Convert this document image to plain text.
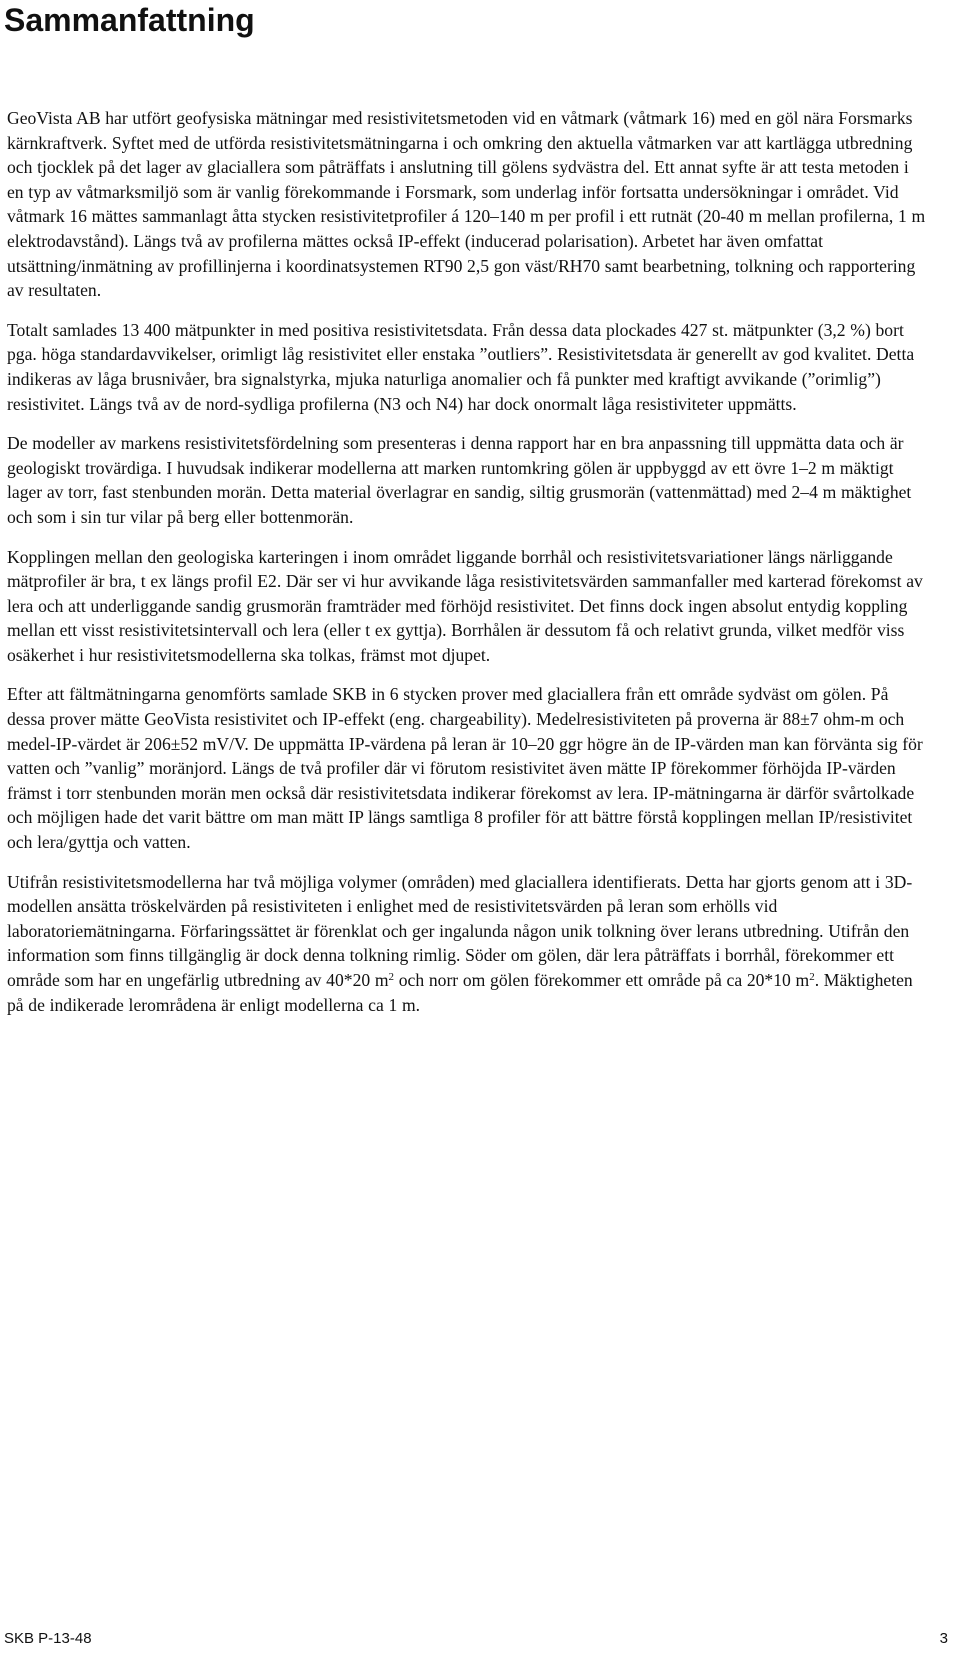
Sammanfattning

GeoVista AB har utfört geofysiska mätningar med resistivitetsmetoden vid en våtmark (våtmark 16) med en göl nära Forsmarks kärnkraftverk. Syftet med de utförda resistivitetsmätningarna i och omkring den aktuella våtmarken var att kartlägga utbredning och tjocklek på det lager av glaciallera som påträffats i anslutning till gölens sydvästra del. Ett annat syfte är att testa metoden i en typ av våtmarksmiljö som är vanlig förekommande i Forsmark, som underlag inför fortsatta undersökningar i området. Vid våtmark 16 mättes sammanlagt åtta stycken resistivitetprofiler á 120–140 m per profil i ett rutnät (20-40 m mellan profilerna, 1 m elektrodavstånd). Längs två av profilerna mättes också IP-effekt (inducerad polarisation). Arbetet har även omfattat utsättning/inmätning av profillinjerna i koordinatsystemen RT90 2,5 gon väst/RH70 samt bearbetning, tolkning och rapportering av resultaten.

Totalt samlades 13 400 mätpunkter in med positiva resistivitetsdata. Från dessa data plockades 427 st. mätpunkter (3,2 %) bort pga. höga standardavvikelser, orimligt låg resistivitet eller enstaka ”outliers”. Resistivitetsdata är generellt av god kvalitet. Detta indikeras av låga brusnivåer, bra signalstyrka, mjuka naturliga anomalier och få punkter med kraftigt avvikande (”orimlig”) resistivitet. Längs två av de nord-sydliga profilerna (N3 och N4) har dock onormalt låga resistiviteter uppmätts.

De modeller av markens resistivitetsfördelning som presenteras i denna rapport har en bra anpassning till uppmätta data och är geologiskt trovärdiga. I huvudsak indikerar modellerna att marken runtomkring gölen är uppbyggd av ett övre 1–2 m mäktigt lager av torr, fast stenbunden morän. Detta material överlagrar en sandig, siltig grusmorän (vattenmättad) med 2–4 m mäktighet och som i sin tur vilar på berg eller bottenmorän.

Kopplingen mellan den geologiska karteringen i inom området liggande borrhål och resistivitetsvariationer längs närliggande mätprofiler är bra, t ex längs profil E2. Där ser vi hur avvikande låga resistivitetsvärden sammanfaller med karterad förekomst av lera och att underliggande sandig grusmorän framträder med förhöjd resistivitet. Det finns dock ingen absolut entydig koppling mellan ett visst resistivitetsintervall och lera (eller t ex gyttja). Borrhålen är dessutom få och relativt grunda, vilket medför viss osäkerhet i hur resistivitetsmodellerna ska tolkas, främst mot djupet.

Efter att fältmätningarna genomförts samlade SKB in 6 stycken prover med glaciallera från ett område sydväst om gölen. På dessa prover mätte GeoVista resistivitet och IP-effekt (eng. chargeability). Medelresistiviteten på proverna är 88±7 ohm-m och medel-IP-värdet är 206±52 mV/V. De uppmätta IP-värdena på leran är 10–20 ggr högre än de IP-värden man kan förvänta sig för vatten och ”vanlig” moränjord. Längs de två profiler där vi förutom resistivitet även mätte IP förekommer förhöjda IP-värden främst i torr stenbunden morän men också där resistivitetsdata indikerar förekomst av lera. IP-mätningarna är därför svårtolkade och möjligen hade det varit bättre om man mätt IP längs samtliga 8 profiler för att bättre förstå kopplingen mellan IP/resistivitet och lera/gyttja och vatten.

Utifrån resistivitetsmodellerna har två möjliga volymer (områden) med glaciallera identifierats. Detta har gjorts genom att i 3D-modellen ansätta tröskelvärden på resistiviteten i enlighet med de resistivitetsvärden på leran som erhölls vid laboratoriemätningarna. Förfaringssättet är förenklat och ger ingalunda någon unik tolkning över lerans utbredning. Utifrån den information som finns tillgänglig är dock denna tolkning rimlig. Söder om gölen, där lera påträffats i borrhål, förekommer ett område som har en ungefärlig utbredning av 40*20 $m^2$ och norr om gölen förekommer ett område på ca 20*10 $m^2$. Mäktigheten på de indikerade lerområdena är enligt modellerna ca 1 m.

SKB P-13-48	3
